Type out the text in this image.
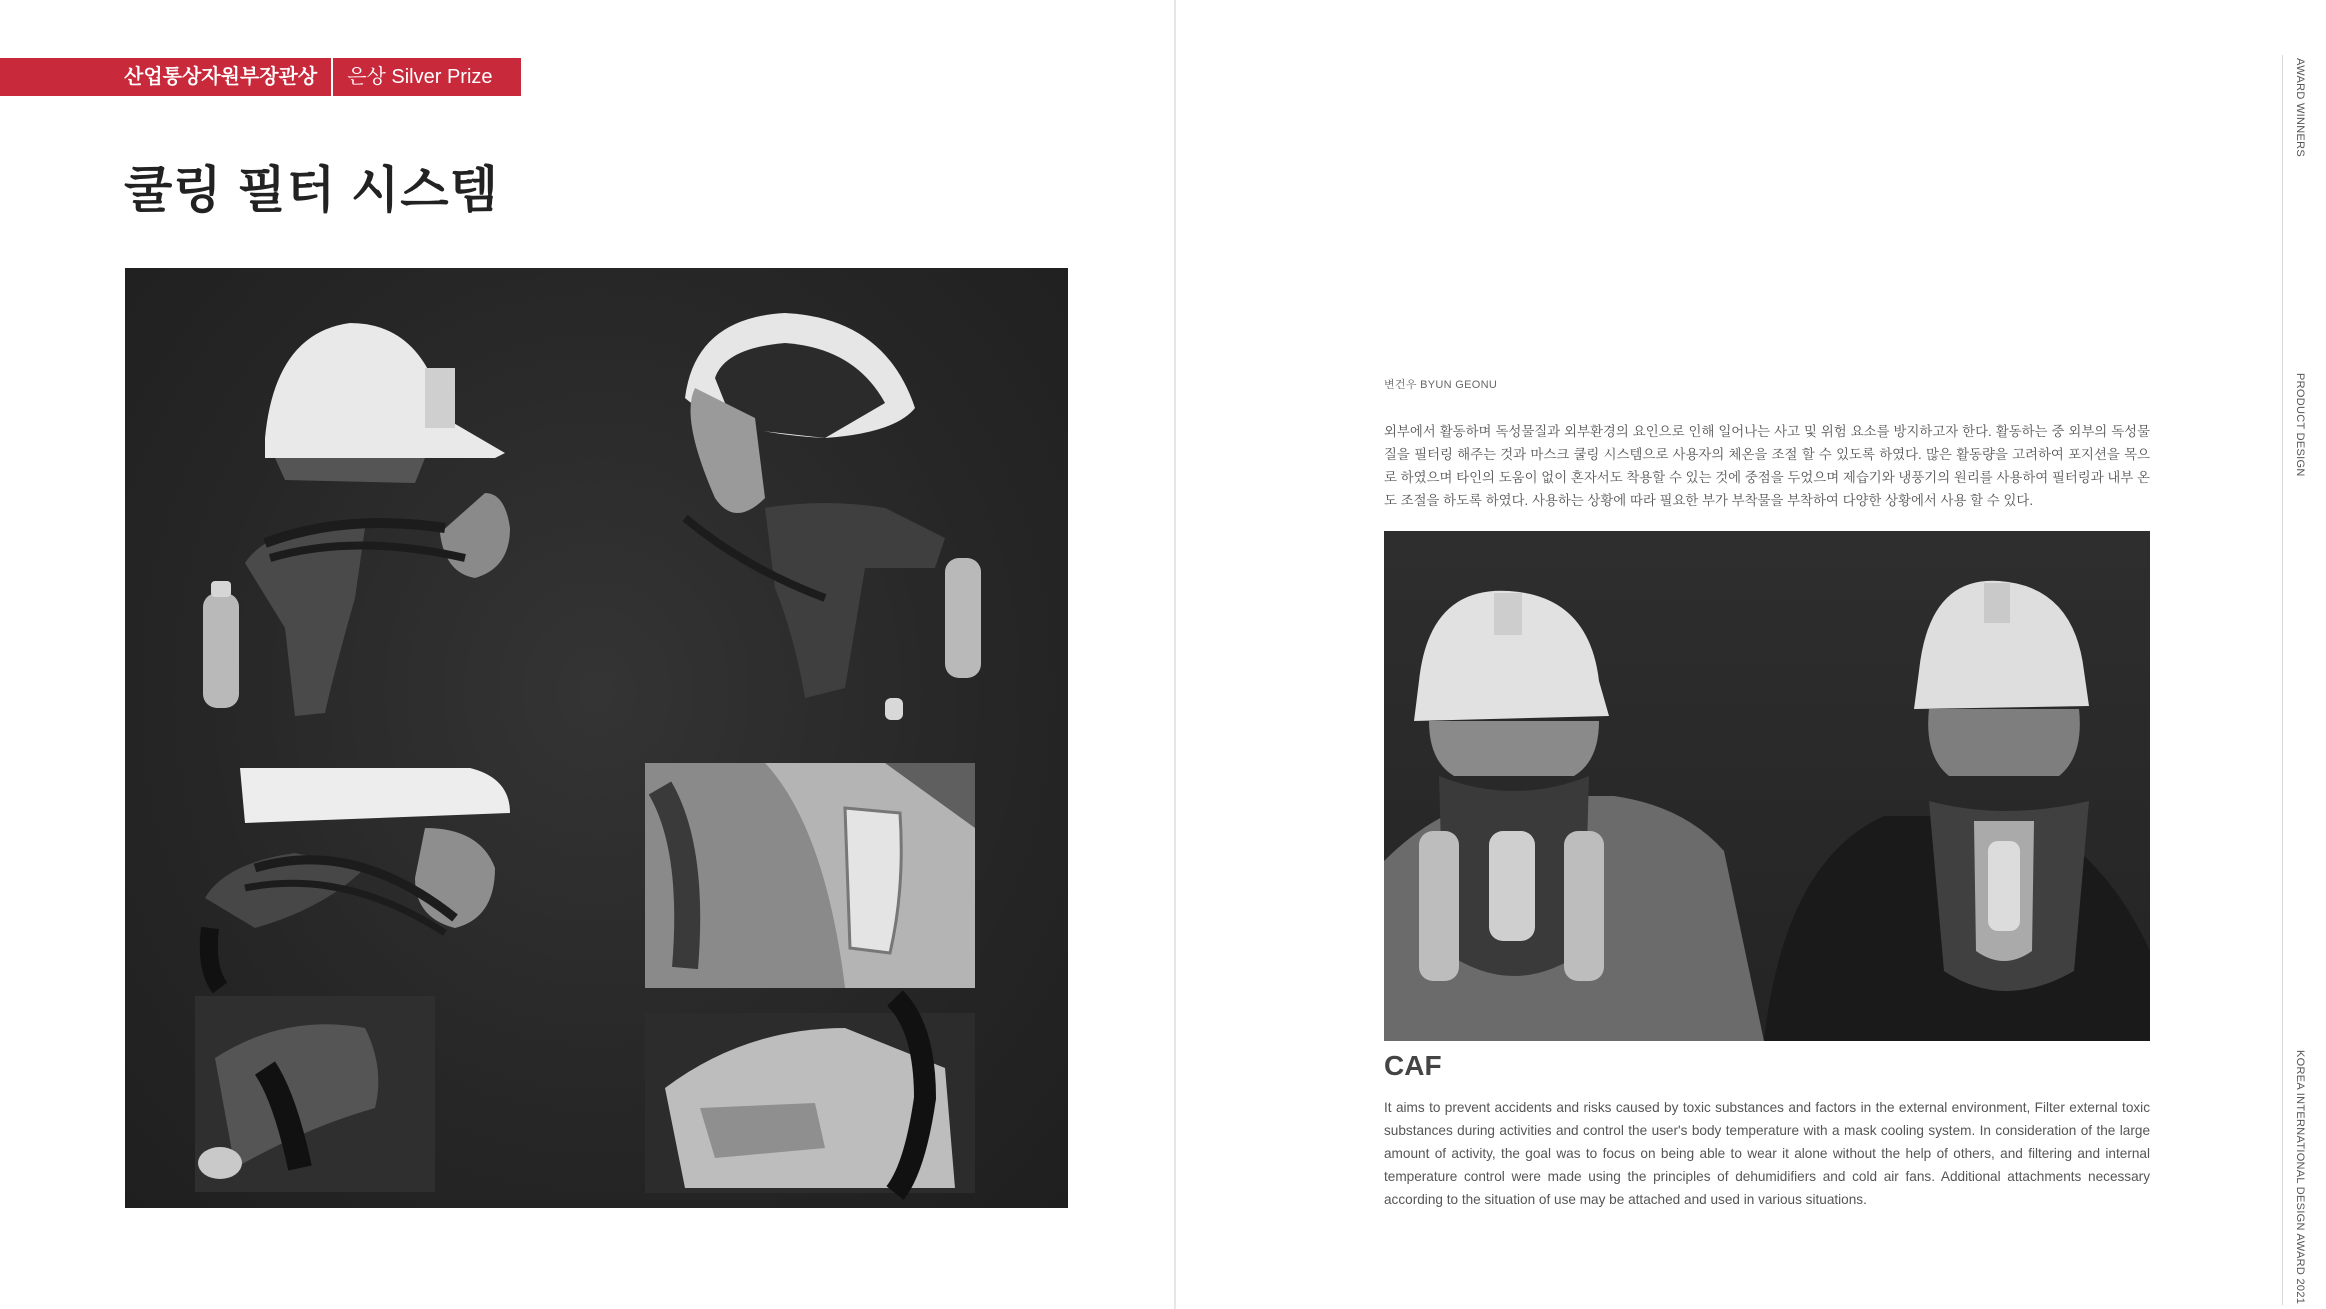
산업통상자원부장관상	은상 Silver Prize
쿨링 필터 시스템
변건우 BYUN GEONU

외부에서 활동하며 독성물질과 외부환경의 요인으로 인해 일어나는 사고 및 위험 요소를 방지하고자 한다. 활동하는 중 외부의 독성물질을 필터링 해주는 것과 마스크 쿨링 시스템으로 사용자의 체온을 조절 할 수 있도록 하였다. 많은 활동량을 고려하여 포지션을 목으로 하였으며 타인의 도움이 없이 혼자서도 착용할 수 있는 것에 중점을 두었으며 제습기와 냉풍기의 원리를 사용하여 필터링과 내부 온도 조절을 하도록 하였다. 사용하는 상황에 따라 필요한 부가 부착물을 부착하여 다양한 상황에서 사용 할 수 있다.

CAF

It aims to prevent accidents and risks caused by toxic substances and factors in the external environment, Filter external toxic substances during activities and control the user's body temperature with a mask cooling system. In consideration of the large amount of activity, the goal was to focus on being able to wear it alone without the help of others, and filtering and internal temperature control were made using the principles of dehumidifiers and cold air fans. Additional attachments necessary according to the situation of use may be attached and used in various situations.

AWARD WINNERS
PRODUCT DESIGN
KOREA INTERNATIONAL DESIGN AWARD 2021
